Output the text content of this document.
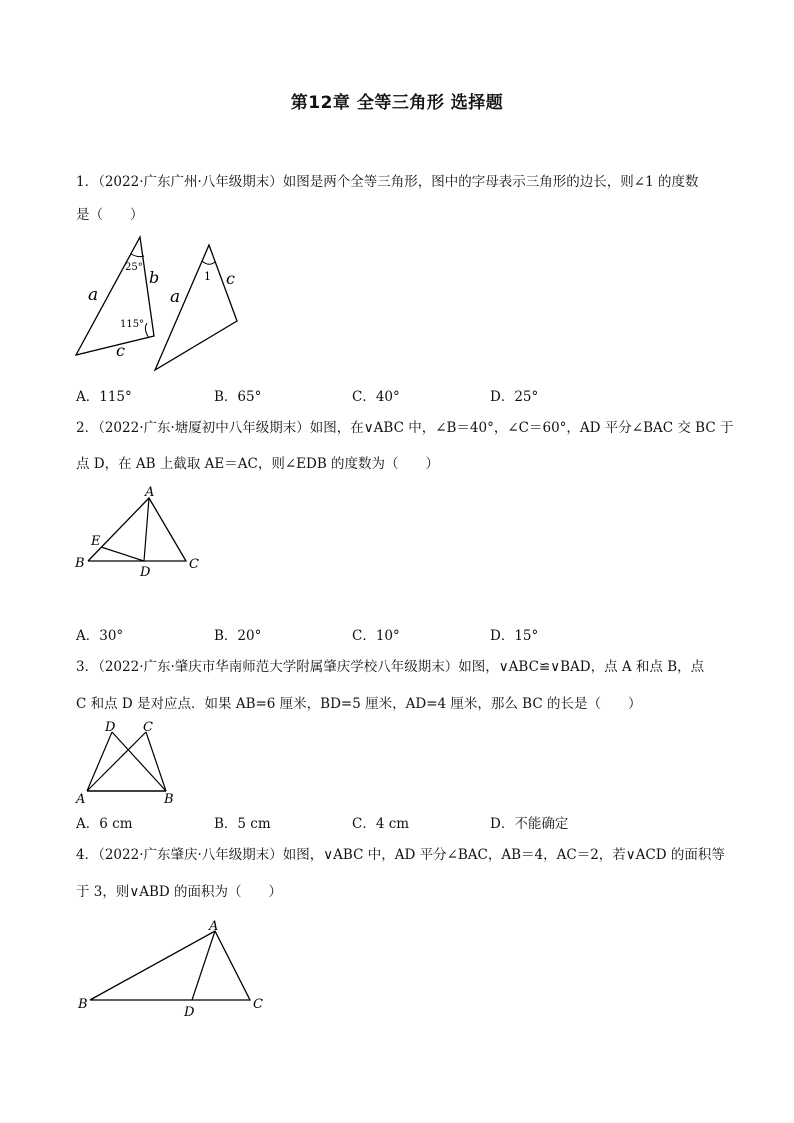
第12章 全等三角形 选择题
1．（2022·广东广州·八年级期末）如图是两个全等三角形，图中的字母表示三角形的边长，则∠1 的度数
是（　　）
a
b
c
25°
115°
a
c
1
A．115°	B．65°	C．40°	D．25°
2．（2022·广东·塘厦初中八年级期末）如图，在∨ABC 中，∠B＝40°，∠C＝60°，AD 平分∠BAC 交 BC 于
点 D，在 AB 上截取 AE＝AC，则∠EDB 的度数为（　　）
A
B	C
D
E
A．30°	B．20°	C．10°	D．15°
3．（2022·广东·肇庆市华南师范大学附属肇庆学校八年级期末）如图，∨ABC≌∨BAD，点 A 和点 B，点
C 和点 D 是对应点．如果 AB=6 厘米，BD=5 厘米，AD=4 厘米，那么 BC 的长是（　　）
A	B
C
D
A．6 cm	B．5 cm	C．4 cm	D．不能确定
4．（2022·广东肇庆·八年级期末）如图，∨ABC 中，AD 平分∠BAC，AB＝4，AC＝2，若∨ACD 的面积等
于 3，则∨ABD 的面积为（　　）
A
B	C
D
